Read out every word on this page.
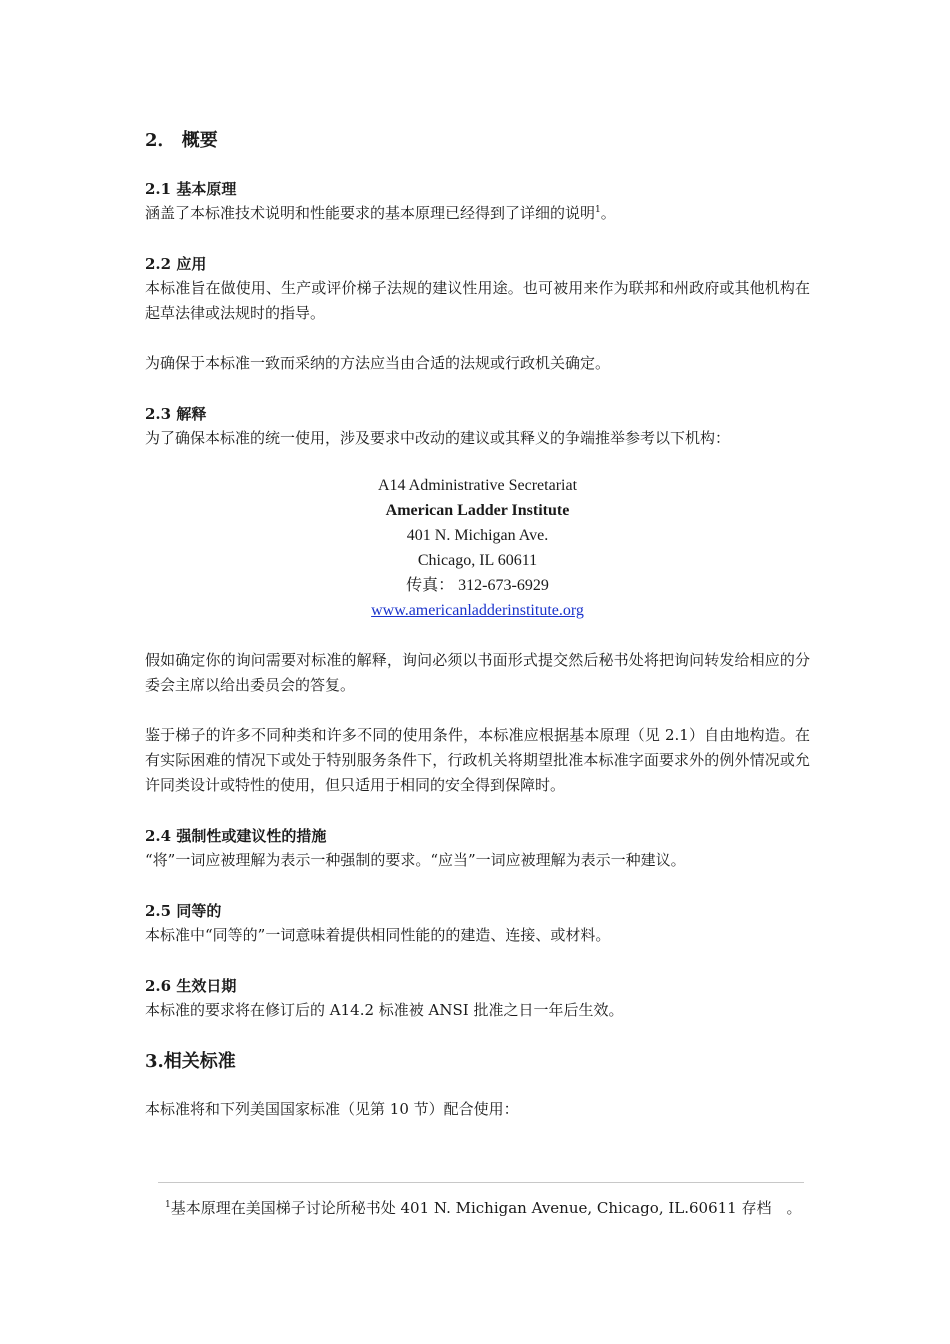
2． 概要
2.1 基本原理
涵盖了本标准技术说明和性能要求的基本原理已经得到了详细的说明$^1$。
2.2 应用
本标准旨在做使用、生产或评价梯子法规的建议性用途。也可被用来作为联邦和州政府或其他机构在起草法律或法规时的指导。
为确保于本标准一致而采纳的方法应当由合适的法规或行政机关确定。
2.3 解释
为了确保本标准的统一使用，涉及要求中改动的建议或其释义的争端推举参考以下机构：
A14 Administrative Secretariat
American Ladder Institute
401 N. Michigan Ave.
Chicago, IL 60611
传真： 312-673-6929
www.americanladderinstitute.org
假如确定你的询问需要对标准的解释，询问必须以书面形式提交然后秘书处将把询问转发给相应的分委会主席以给出委员会的答复。
鉴于梯子的许多不同种类和许多不同的使用条件，本标准应根据基本原理（见 2.1）自由地构造。在有实际困难的情况下或处于特别服务条件下，行政机关将期望批准本标准字面要求外的例外情况或允许同类设计或特性的使用，但只适用于相同的安全得到保障时。
2.4 强制性或建议性的措施
“将”一词应被理解为表示一种强制的要求。“应当”一词应被理解为表示一种建议。
2.5 同等的
本标准中“同等的”一词意味着提供相同性能的的建造、连接、或材料。
2.6 生效日期
本标准的要求将在修订后的 A14.2 标准被 ANSI 批准之日一年后生效。
3.相关标准
本标准将和下列美国国家标准（见第 10 节）配合使用：
$^1$基本原理在美国梯子讨论所秘书处 401 N. Michigan Avenue, Chicago, IL.60611 存档　。
